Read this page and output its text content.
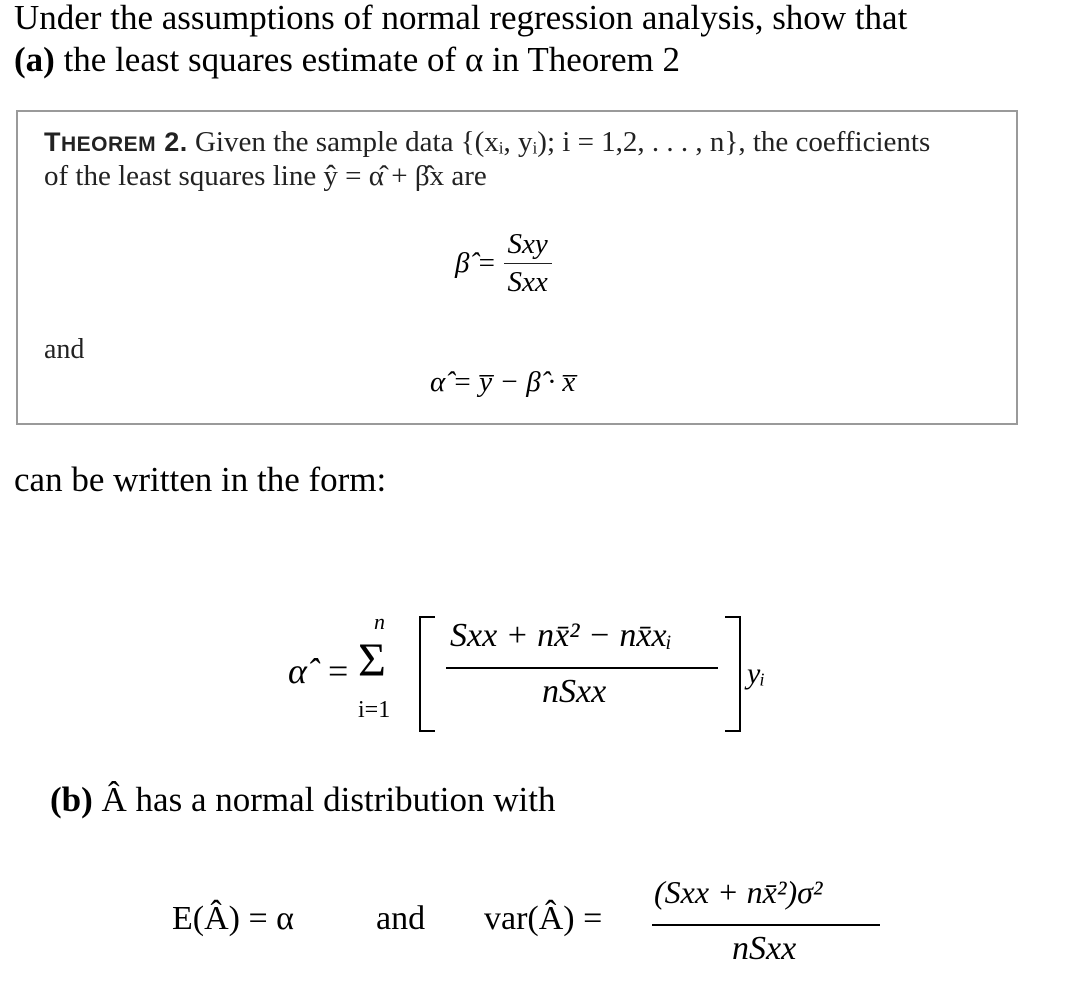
Under the assumptions of normal regression analysis, show that
(a) the least squares estimate of α in Theorem 2
THEOREM 2. Given the sample data {(xᵢ, yᵢ); i = 1,2, . . . , n}, the coefficients
of the least squares line ŷ = α̂ + β̂x are
and
β̂ = $\frac{\text{Sxy}}{\text{Sxx}}$
α̂ = y̅ − β̂ · x̅
can be written in the form:
α̂ =
n
Σ
i=1
Sxx + nx̄² − nx̄xᵢ
nSxx	yᵢ
(b) Â has a normal distribution with
E(Â) = α and var(Â) =
(Sxx + nx̄²)σ²
nSxx
